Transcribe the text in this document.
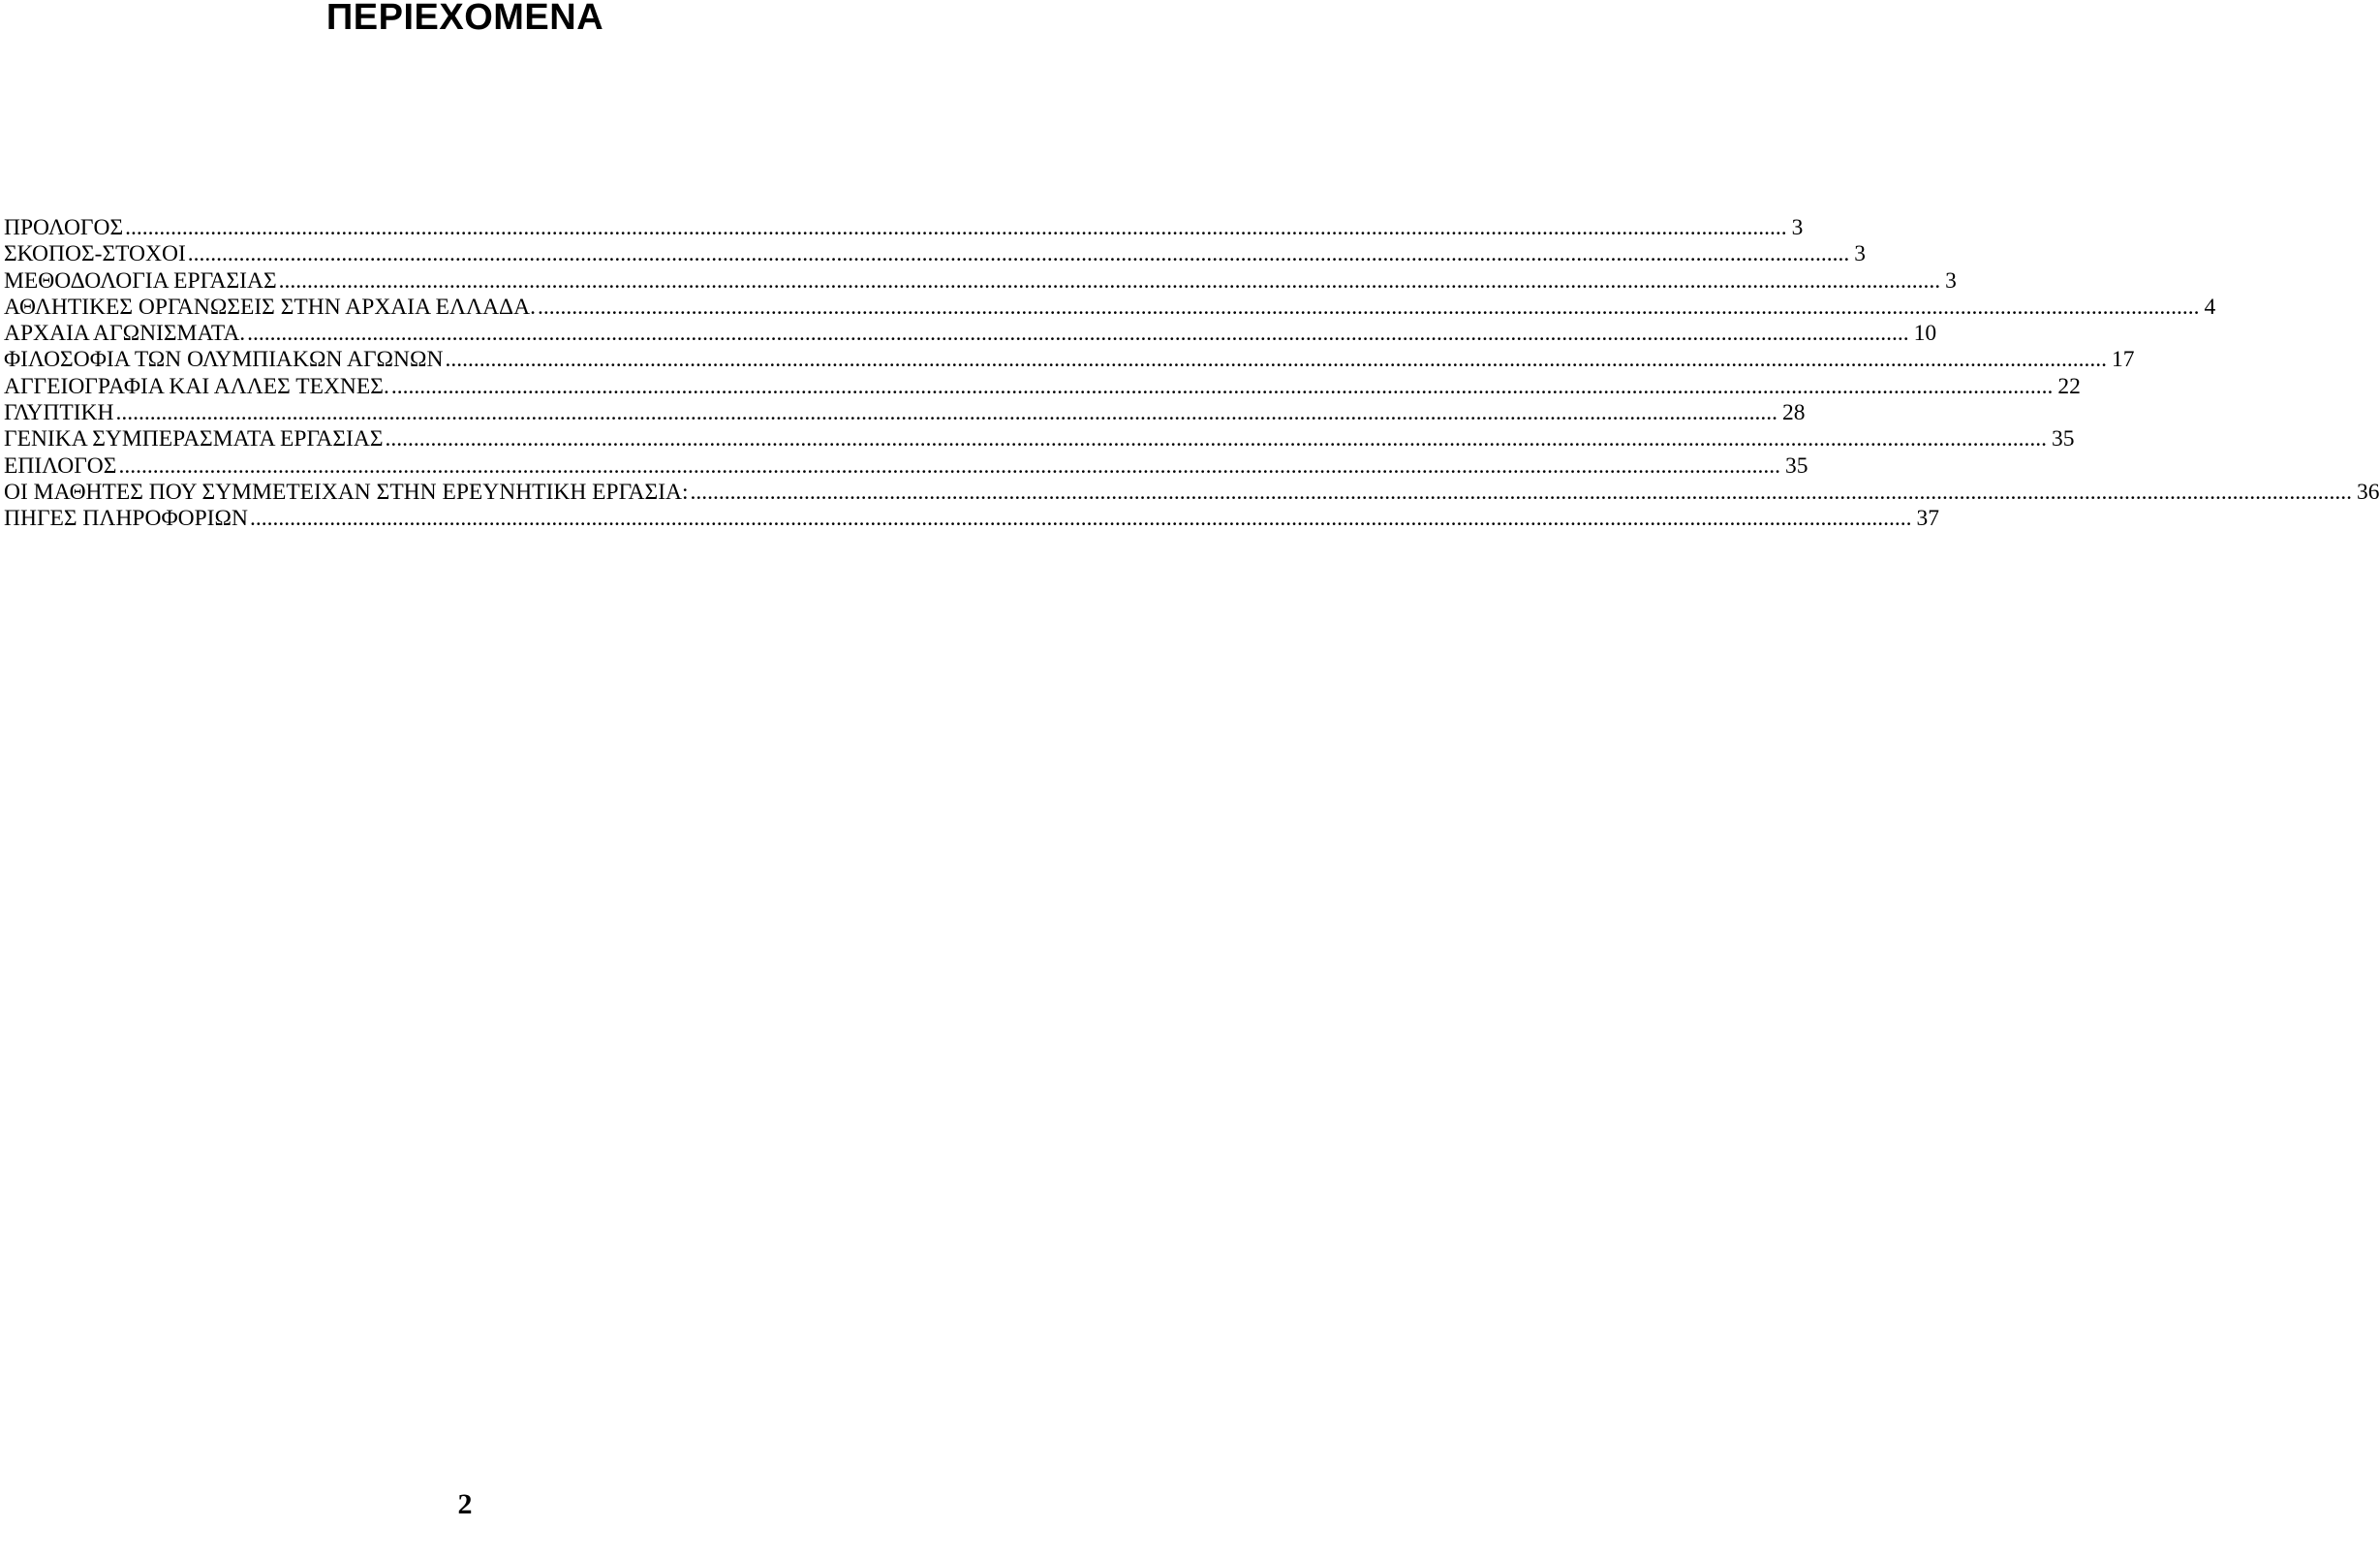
ΠΕΡΙΕΧΟΜΕΝΑ
ΠΡΟΛΟΓΟΣ .....	3
ΣΚΟΠΟΣ-ΣΤΟΧΟΙ .....	3
ΜΕΘΟΔΟΛΟΓΙΑ ΕΡΓΑΣΙΑΣ .....	3
ΑΘΛΗΤΙΚΕΣ ΟΡΓΑΝΩΣΕΙΣ ΣΤΗΝ ΑΡΧΑΙΑ ΕΛΛΑΔΑ. .....	4
ΑΡΧΑΙΑ ΑΓΩΝΙΣΜΑΤΑ. .....	10
ΦΙΛΟΣΟΦΙΑ ΤΩΝ ΟΛΥΜΠΙΑΚΩΝ ΑΓΩΝΩΝ .....	17
ΑΓΓΕΙΟΓΡΑΦΙΑ ΚΑΙ ΑΛΛΕΣ ΤΕΧΝΕΣ. .....	22
ΓΛΥΠΤΙΚΗ .....	28
ΓΕΝΙΚΑ ΣΥΜΠΕΡΑΣΜΑΤΑ ΕΡΓΑΣΙΑΣ .....	35
ΕΠΙΛΟΓΟΣ .....	35
ΟΙ ΜΑΘΗΤΕΣ ΠΟΥ ΣΥΜΜΕΤΕΙΧΑΝ ΣΤΗΝ ΕΡΕΥΝΗΤΙΚΗ ΕΡΓΑΣΙΑ: .....	36
ΠΗΓΕΣ ΠΛΗΡΟΦΟΡΙΩΝ .....	37
2
